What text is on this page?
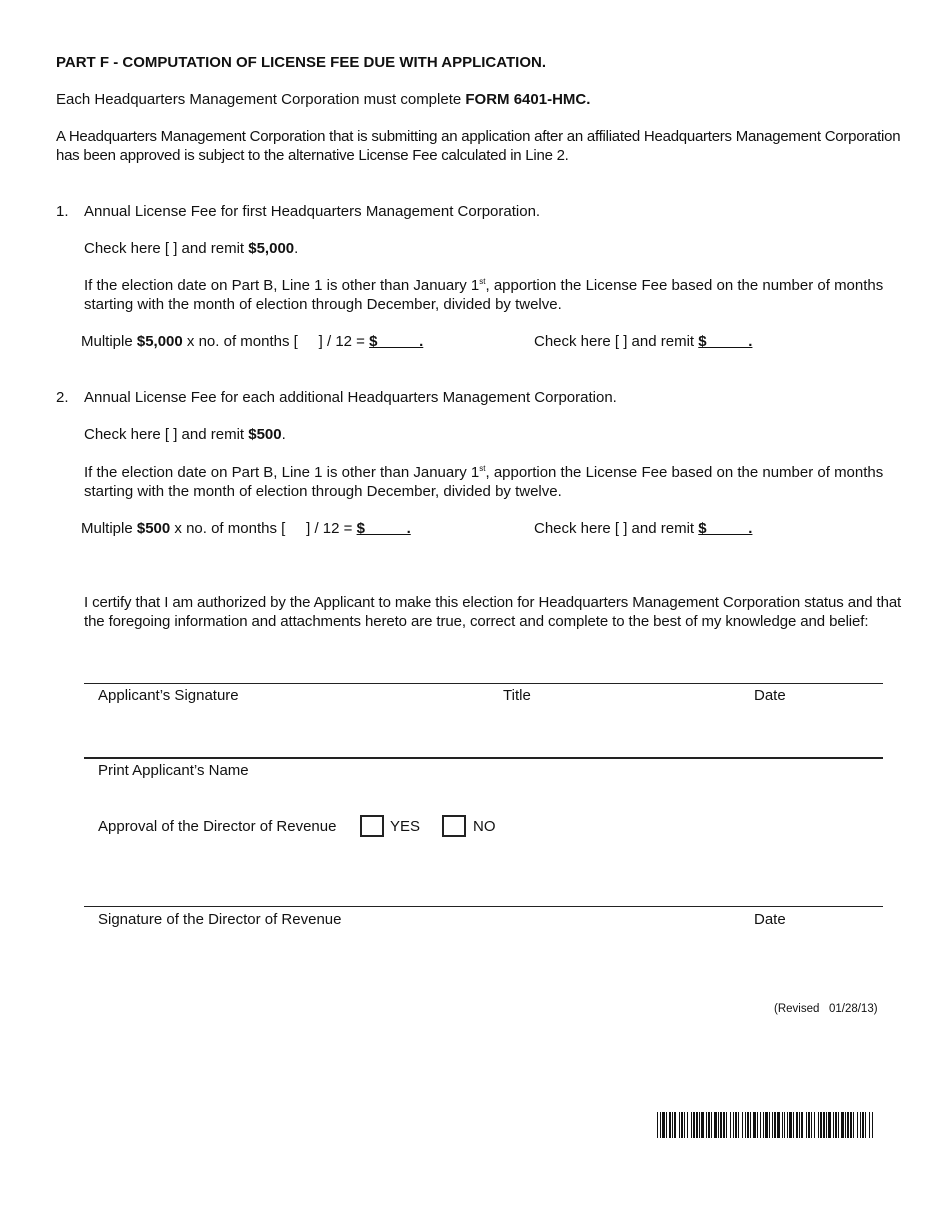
PART F - COMPUTATION OF LICENSE FEE DUE WITH APPLICATION.
Each Headquarters Management Corporation must complete FORM 6401-HMC.
A Headquarters Management Corporation that is submitting an application after an affiliated Headquarters Management Corporation has been approved is subject to the alternative License Fee calculated in Line 2.
1. Annual License Fee for first Headquarters Management Corporation.
Check here [ ] and remit $5,000.
If the election date on Part B, Line 1 is other than January 1st, apportion the License Fee based on the number of months starting with the month of election through December, divided by twelve.
Multiple $5,000 x no. of months [     ] / 12 = $          .	Check here [ ] and remit $          .
2. Annual License Fee for each additional Headquarters Management Corporation.
Check here [ ] and remit $500.
If the election date on Part B, Line 1 is other than January 1st, apportion the License Fee based on the number of months starting with the month of election through December, divided by twelve.
Multiple $500 x no. of months [     ] / 12 = $          .	Check here [ ] and remit $          .
I certify that I am authorized by the Applicant to make this election for Headquarters Management Corporation status and that the foregoing information and attachments hereto are true, correct and complete to the best of my knowledge and belief:
Applicant’s Signature	Title	Date
Print Applicant’s Name
Approval of the Director of Revenue	YES	NO
Signature of the Director of Revenue	Date
(Revised   01/28/13)
